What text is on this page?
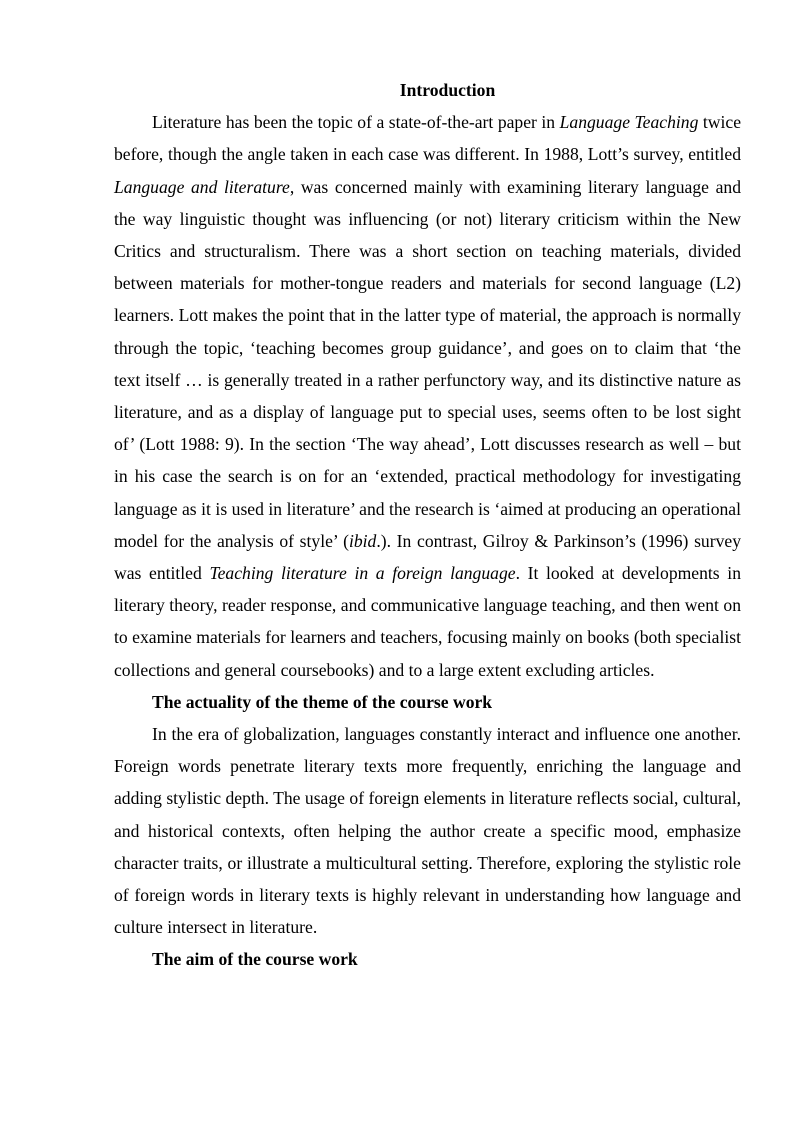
Introduction

Literature has been the topic of a state-of-the-art paper in Language Teaching twice before, though the angle taken in each case was different. In 1988, Lott’s survey, entitled Language and literature, was concerned mainly with examining literary language and the way linguistic thought was influencing (or not) literary criticism within the New Critics and structuralism. There was a short section on teaching materials, divided between materials for mother-tongue readers and materials for second language (L2) learners. Lott makes the point that in the latter type of material, the approach is normally through the topic, ‘teaching becomes group guidance’, and goes on to claim that ‘the text itself … is generally treated in a rather perfunctory way, and its distinctive nature as literature, and as a display of language put to special uses, seems often to be lost sight of’ (Lott 1988: 9). In the section ‘The way ahead’, Lott discusses research as well – but in his case the search is on for an ‘extended, practical methodology for investigating language as it is used in literature’ and the research is ‘aimed at producing an operational model for the analysis of style’ (ibid.). In contrast, Gilroy & Parkinson’s (1996) survey was entitled Teaching literature in a foreign language. It looked at developments in literary theory, reader response, and communicative language teaching, and then went on to examine materials for learners and teachers, focusing mainly on books (both specialist collections and general coursebooks) and to a large extent excluding articles.

The actuality of the theme of the course work

In the era of globalization, languages constantly interact and influence one another. Foreign words penetrate literary texts more frequently, enriching the language and adding stylistic depth. The usage of foreign elements in literature reflects social, cultural, and historical contexts, often helping the author create a specific mood, emphasize character traits, or illustrate a multicultural setting. Therefore, exploring the stylistic role of foreign words in literary texts is highly relevant in understanding how language and culture intersect in literature.

The aim of the course work
